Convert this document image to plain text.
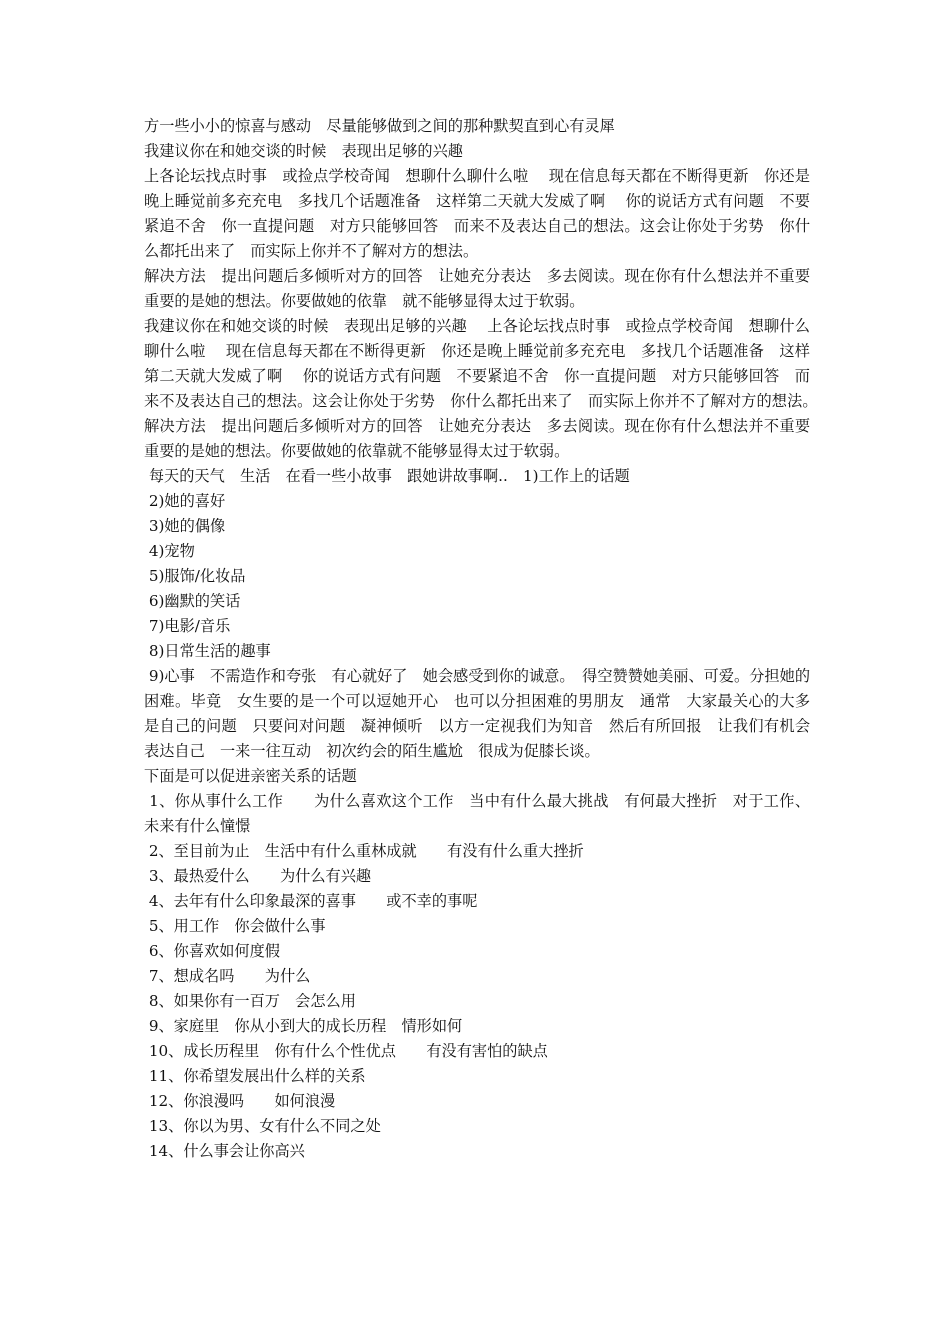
方一些小小的惊喜与感动　尽量能够做到之间的那种默契直到心有灵犀

我建议你在和她交谈的时候　表现出足够的兴趣

上各论坛找点时事　或捡点学校奇闻　想聊什么聊什么啦　 现在信息每天都在不断得更新　你还是晚上睡觉前多充充电　多找几个话题准备　这样第二天就大发威了啊　 你的说话方式有问题　不要紧追不舍　你一直提问题　对方只能够回答　而来不及表达自己的想法。这会让你处于劣势　你什么都托出来了　而实际上你并不了解对方的想法。

解决方法　提出问题后多倾听对方的回答　让她充分表达　多去阅读。现在你有什么想法并不重要　重要的是她的想法。你要做她的依靠　就不能够显得太过于软弱。

我建议你在和她交谈的时候　表现出足够的兴趣　 上各论坛找点时事　或捡点学校奇闻　想聊什么聊什么啦　 现在信息每天都在不断得更新　你还是晚上睡觉前多充充电　多找几个话题准备　这样第二天就大发威了啊　 你的说话方式有问题　不要紧追不舍　你一直提问题　对方只能够回答　而来不及表达自己的想法。这会让你处于劣势　你什么都托出来了　而实际上你并不了解对方的想法。　 解决方法　提出问题后多倾听对方的回答　让她充分表达　多去阅读。现在你有什么想法并不重要　重要的是她的想法。你要做她的依靠就不能够显得太过于软弱。

每天的天气　生活　在看一些小故事　跟她讲故事啊..　1)工作上的话题

2)她的喜好

3)她的偶像

4)宠物

5)服饰/化妆品

6)幽默的笑话

7)电影/音乐

8)日常生活的趣事

9)心事　不需造作和夸张　有心就好了　她会感受到你的诚意。　得空赞赞她美丽、可爱。分担她的困难。毕竟　女生要的是一个可以逗她开心　也可以分担困难的男朋友　通常　大家最关心的大多是自己的问题　只要问对问题　凝神倾听　以方一定视我们为知音　然后有所回报　让我们有机会表达自己　一来一往互动　初次约会的陌生尴尬　很成为促膝长谈。

下面是可以促进亲密关系的话题

1、你从事什么工作　　为什么喜欢这个工作　当中有什么最大挑战　有何最大挫折　对于工作、未来有什么憧憬

2、至目前为止　生活中有什么重林成就　　有没有什么重大挫折

3、最热爱什么　　为什么有兴趣

4、去年有什么印象最深的喜事　　或不幸的事呢

5、用工作　你会做什么事

6、你喜欢如何度假

7、想成名吗　　为什么

8、如果你有一百万　会怎么用

9、家庭里　你从小到大的成长历程　情形如何

10、成长历程里　你有什么个性优点　　有没有害怕的缺点

11、你希望发展出什么样的关系

12、你浪漫吗　　如何浪漫

13、你以为男、女有什么不同之处

14、什么事会让你高兴
